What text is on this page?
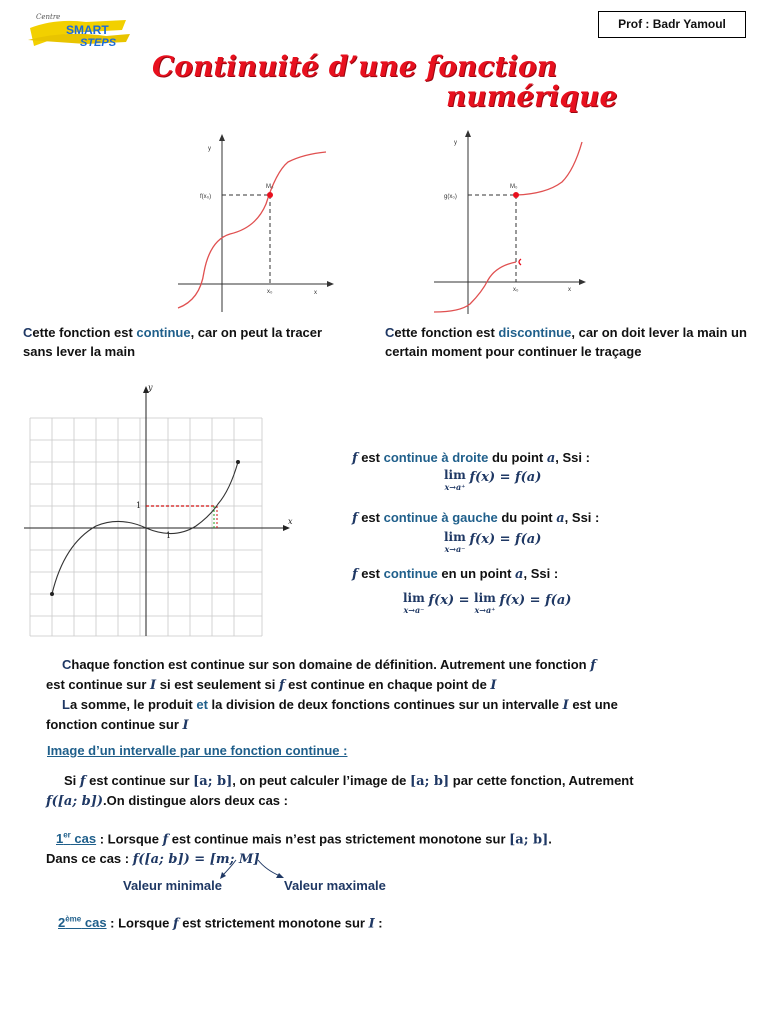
Centre
SMART
STEPS
Prof : Badr Yamoul
Continuité d’une fonction
numérique
y
x
f(x₀)
M₀
x₀
y
x
g(x₀)
M₀
x₀
Cette fonction est continue, car on peut la tracer sans lever la main
Cette fonction est discontinue, car on doit lever la main un certain moment pour continuer le traçage
y
x
1
1
f est continue à droite du point a, Ssi :
lim
x→a⁺
f(x) = f(a)
f est continue à gauche du point a, Ssi :
lim
x→a⁻
f(x) = f(a)
f est continue en un point a, Ssi :
lim
x→a⁻
f(x) = lim
x→a⁺
f(x) = f(a)
Chaque fonction est continue sur son domaine de définition. Autrement une fonction f
est continue sur I si est seulement si f est continue en chaque point de I
La somme, le produit et la division de deux fonctions continues sur un intervalle I est une
fonction continue sur I
Image d’un intervalle par une fonction continue :
Si f est continue sur [a; b], on peut calculer l’image de [a; b] par cette fonction, Autrement
f([a; b]).On distingue alors deux cas :
1er cas : Lorsque f est continue mais n’est pas strictement monotone sur [a; b].
Dans ce cas : f([a; b]) = [m; M]
Valeur minimale	Valeur maximale
2ème cas : Lorsque f est strictement monotone sur I :
